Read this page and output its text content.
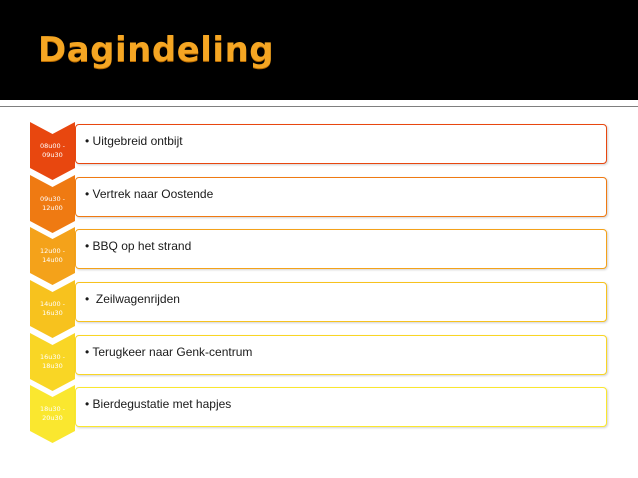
Dagindeling
08u00 -
09u30
• Uitgebreid ontbijt
09u30 -
12u00
• Vertrek naar Oostende
12u00 -
14u00
• BBQ op het strand
14u00 -
16u30
•  Zeilwagenrijden
16u30 -
18u30
• Terugkeer naar Genk-centrum
18u30 -
20u30
• Bierdegustatie met hapjes
